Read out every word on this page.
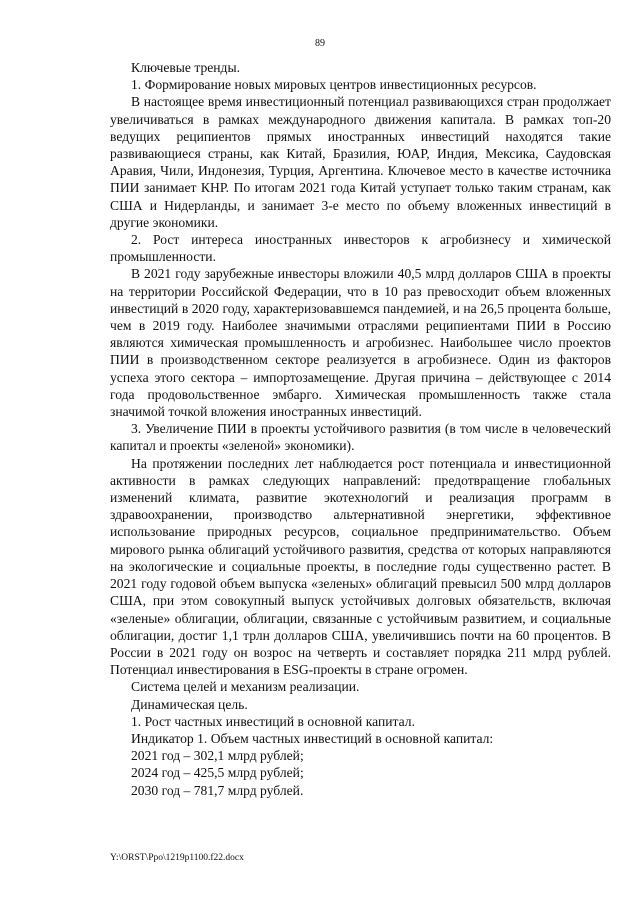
89

Ключевые тренды.

1. Формирование новых мировых центров инвестиционных ресурсов.

В настоящее время инвестиционный потенциал развивающихся стран продолжает увеличиваться в рамках международного движения капитала. В рамках топ-20 ведущих реципиентов прямых иностранных инвестиций находятся такие развивающиеся страны, как Китай, Бразилия, ЮАР, Индия, Мексика, Саудовская Аравия, Чили, Индонезия, Турция, Аргентина. Ключевое место в качестве источника ПИИ занимает КНР. По итогам 2021 года Китай уступает только таким странам, как США и Нидерланды, и занимает 3-е место по объему вложенных инвестиций в другие экономики.

2. Рост интереса иностранных инвесторов к агробизнесу и химической промышленности.

В 2021 году зарубежные инвесторы вложили 40,5 млрд долларов США в проекты на территории Российской Федерации, что в 10 раз превосходит объем вложенных инвестиций в 2020 году, характеризовавшемся пандемией, и на 26,5 процента больше, чем в 2019 году. Наиболее значимыми отраслями реципиентами ПИИ в Россию являются химическая промышленность и агробизнес. Наибольшее число проектов ПИИ в производственном секторе реализуется в агробизнесе. Один из факторов успеха этого сектора – импортозамещение. Другая причина – действующее с 2014 года продовольственное эмбарго. Химическая промышленность также стала значимой точкой вложения иностранных инвестиций.

3. Увеличение ПИИ в проекты устойчивого развития (в том числе в человеческий капитал и проекты «зеленой» экономики).

На протяжении последних лет наблюдается рост потенциала и инвестиционной активности в рамках следующих направлений: предотвращение глобальных изменений климата, развитие экотехнологий и реализация программ в здравоохранении, производство альтернативной энергетики, эффективное использование природных ресурсов, социальное предпринимательство. Объем мирового рынка облигаций устойчивого развития, средства от которых направляются на экологические и социальные проекты, в последние годы существенно растет. В 2021 году годовой объем выпуска «зеленых» облигаций превысил 500 млрд долларов США, при этом совокупный выпуск устойчивых долговых обязательств, включая «зеленые» облигации, облигации, связанные с устойчивым развитием, и социальные облигации, достиг 1,1 трлн долларов США, увеличившись почти на 60 процентов. В России в 2021 году он возрос на четверть и составляет порядка 211 млрд рублей. Потенциал инвестирования в ESG-проекты в стране огромен.

Система целей и механизм реализации.

Динамическая цель.

1. Рост частных инвестиций в основной капитал.

Индикатор 1. Объем частных инвестиций в основной капитал:

2021 год – 302,1 млрд рублей;

2024 год – 425,5 млрд рублей;

2030 год – 781,7 млрд рублей.

Y:\ORST\Ppo\1219p1100.f22.docx
